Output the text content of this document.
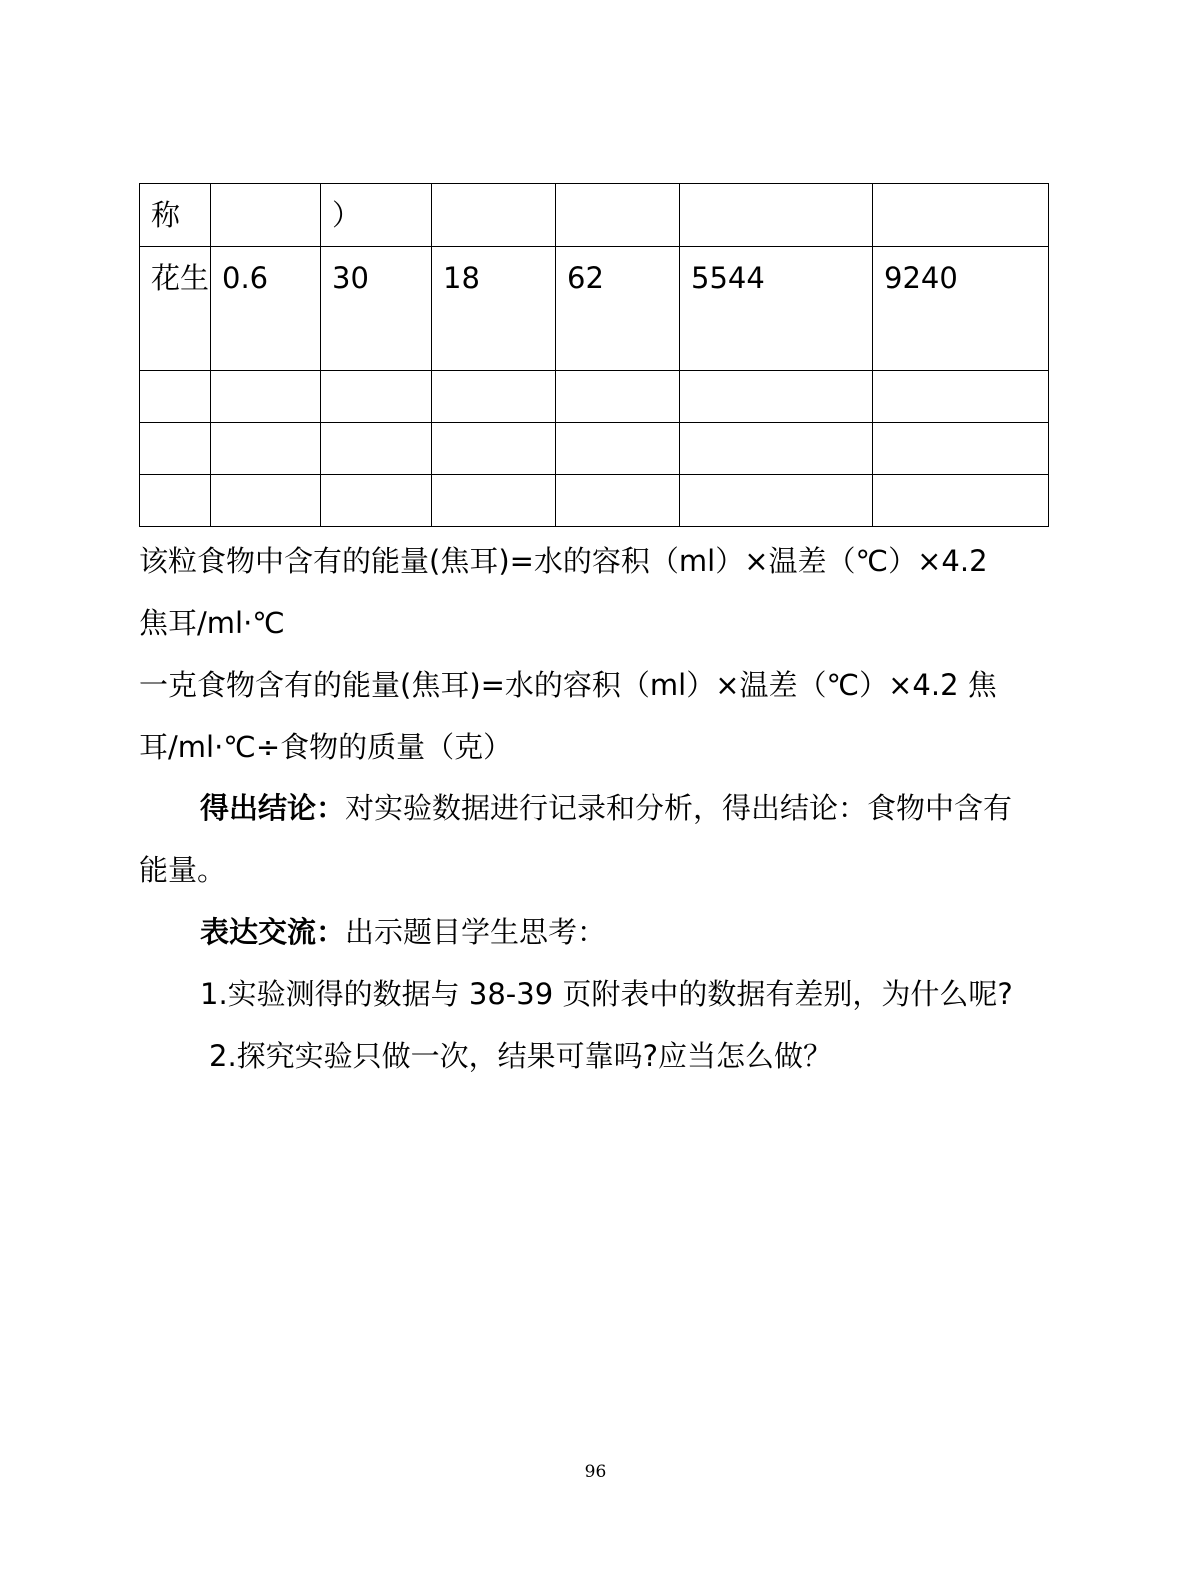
称		）				
花生	0.6	30	18	62	5544	9240

该粒食物中含有的能量(焦耳)=水的容积（ml）×温差（℃）×4.2
焦耳/ml·℃
一克食物含有的能量(焦耳)=水的容积（ml）×温差（℃）×4.2 焦
耳/ml·℃÷食物的质量（克）
得出结论：对实验数据进行记录和分析，得出结论：食物中含有
能量。
表达交流：出示题目学生思考：
1.实验测得的数据与 38-39 页附表中的数据有差别，为什么呢?
2.探究实验只做一次，结果可靠吗?应当怎么做？
96
